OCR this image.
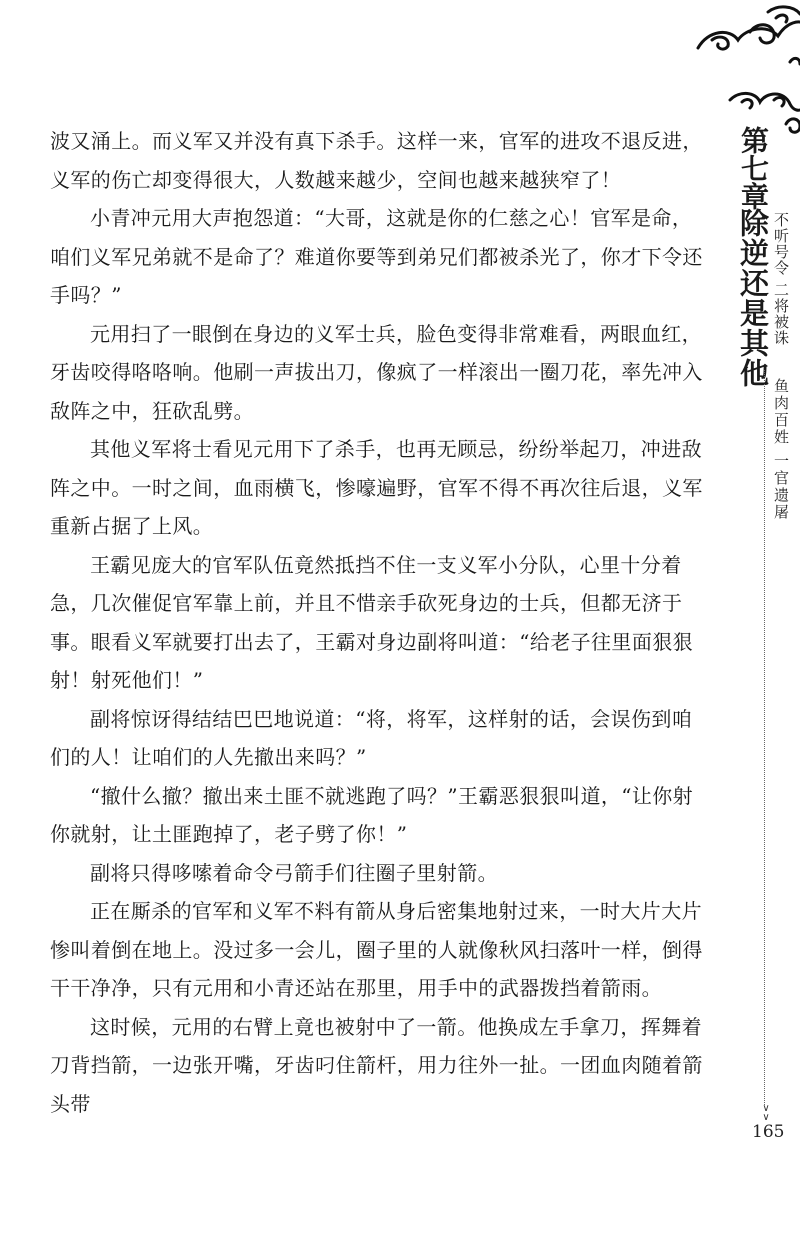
第七章
除逆还是其他 不听号令 二将被诛
鱼肉百姓 一官遗屠

波又涌上。而义军又并没有真下杀手。这样一来，官军的进攻不退反进，义军的伤亡却变得很大，人数越来越少，空间也越来越狭窄了！

小青冲元用大声抱怨道：“大哥，这就是你的仁慈之心！官军是命，咱们义军兄弟就不是命了？难道你要等到弟兄们都被杀光了，你才下令还手吗？”

元用扫了一眼倒在身边的义军士兵，脸色变得非常难看，两眼血红，牙齿咬得咯咯响。他刷一声拔出刀，像疯了一样滚出一圈刀花，率先冲入敌阵之中，狂砍乱劈。

其他义军将士看见元用下了杀手，也再无顾忌，纷纷举起刀，冲进敌阵之中。一时之间，血雨横飞，惨嚎遍野，官军不得不再次往后退，义军重新占据了上风。

王霸见庞大的官军队伍竟然抵挡不住一支义军小分队，心里十分着急，几次催促官军靠上前，并且不惜亲手砍死身边的士兵，但都无济于事。眼看义军就要打出去了，王霸对身边副将叫道：“给老子往里面狠狠射！射死他们！”

副将惊讶得结结巴巴地说道：“将，将军，这样射的话，会误伤到咱们的人！让咱们的人先撤出来吗？”

“撤什么撤？撤出来土匪不就逃跑了吗？”王霸恶狠狠叫道，“让你射你就射，让土匪跑掉了，老子劈了你！”

副将只得哆嗦着命令弓箭手们往圈子里射箭。

正在厮杀的官军和义军不料有箭从身后密集地射过来，一时大片大片惨叫着倒在地上。没过多一会儿，圈子里的人就像秋风扫落叶一样，倒得干干净净，只有元用和小青还站在那里，用手中的武器拨挡着箭雨。

这时候，元用的右臂上竟也被射中了一箭。他换成左手拿刀，挥舞着刀背挡箭，一边张开嘴，牙齿叼住箭杆，用力往外一扯。一团血肉随着箭头带	∨
∨
165
